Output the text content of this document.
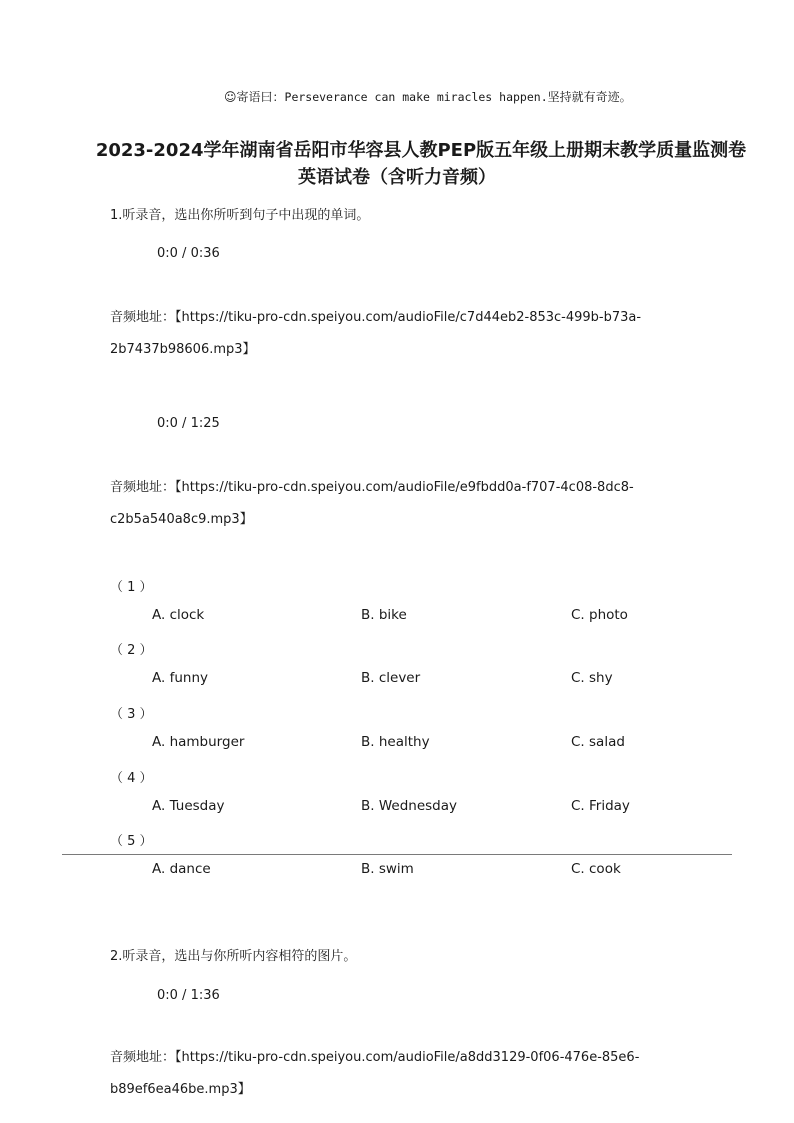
☺寄语曰：Perseverance can make miracles happen.坚持就有奇迹。
2023-2024学年湖南省岳阳市华容县人教PEP版五年级上册期末教学质量监测卷
英语试卷（含听力音频）
1.听录音，选出你所听到句子中出现的单词。
0:0 / 0:36
音频地址：【https://tiku-pro-cdn.speiyou.com/audioFile/c7d44eb2-853c-499b-b73a-
2b7437b98606.mp3】
0:0 / 1:25
音频地址：【https://tiku-pro-cdn.speiyou.com/audioFile/e9fbdd0a-f707-4c08-8dc8-
c2b5a540a8c9.mp3】
（ 1 ）
A. clock	B. bike	C. photo
（ 2 ）
A. funny	B. clever	C. shy
（ 3 ）
A. hamburger	B. healthy	C. salad
（ 4 ）
A. Tuesday	B. Wednesday	C. Friday
（ 5 ）
A. dance	B. swim	C. cook
2.听录音，选出与你所听内容相符的图片。
0:0 / 1:36
音频地址：【https://tiku-pro-cdn.speiyou.com/audioFile/a8dd3129-0f06-476e-85e6-
b89ef6ea46be.mp3】
